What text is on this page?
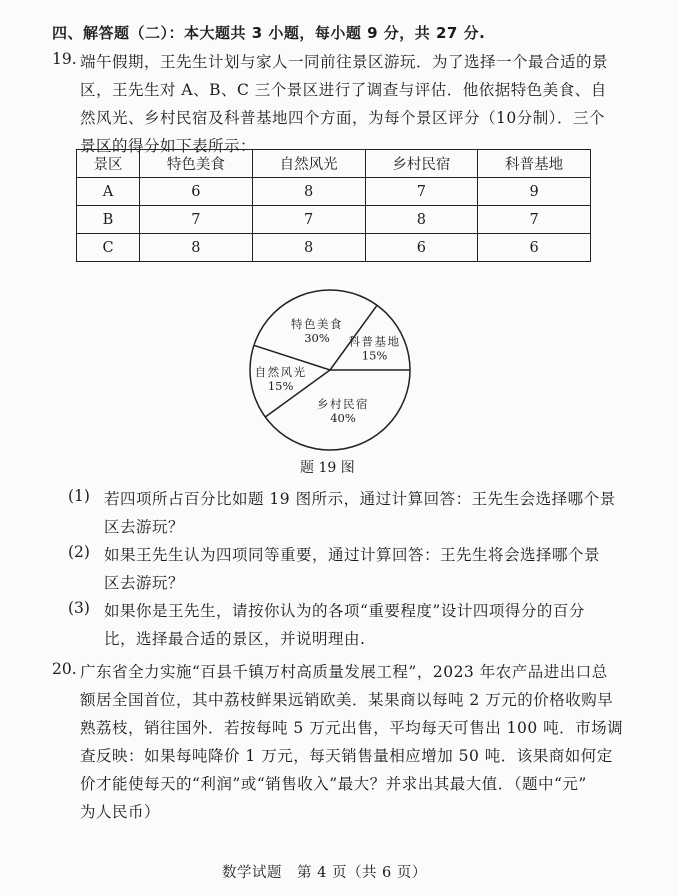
四、解答题（二）：本大题共 3 小题，每小题 9 分，共 27 分.
19. 端午假期，王先生计划与家人一同前往景区游玩．为了选择一个最合适的景
区，王先生对 A、B、C 三个景区进行了调查与评估．他依据特色美食、自
然风光、乡村民宿及科普基地四个方面，为每个景区评分（10分制）．三个
景区的得分如下表所示：
景区	特色美食	自然风光	乡村民宿	科普基地
A	6	8	7	9
B	7	7	8	7
C	8	8	6	6
科普基地
15%
特色美食
30%
自然风光
15%
乡村民宿
40%
题 19 图
(1) 若四项所占百分比如题 19 图所示，通过计算回答：王先生会选择哪个景
区去游玩？
(2) 如果王先生认为四项同等重要，通过计算回答：王先生将会选择哪个景
区去游玩？
(3) 如果你是王先生，请按你认为的各项“重要程度”设计四项得分的百分
比，选择最合适的景区，并说明理由.
20. 广东省全力实施“百县千镇万村高质量发展工程”，2023 年农产品进出口总
额居全国首位，其中荔枝鲜果远销欧美．某果商以每吨 2 万元的价格收购早
熟荔枝，销往国外．若按每吨 5 万元出售，平均每天可售出 100 吨．市场调
查反映：如果每吨降价 1 万元，每天销售量相应增加 50 吨．该果商如何定
价才能使每天的“利润”或“销售收入”最大？并求出其最大值．（题中“元”
为人民币）
数学试题　第 4 页（共 6 页）
